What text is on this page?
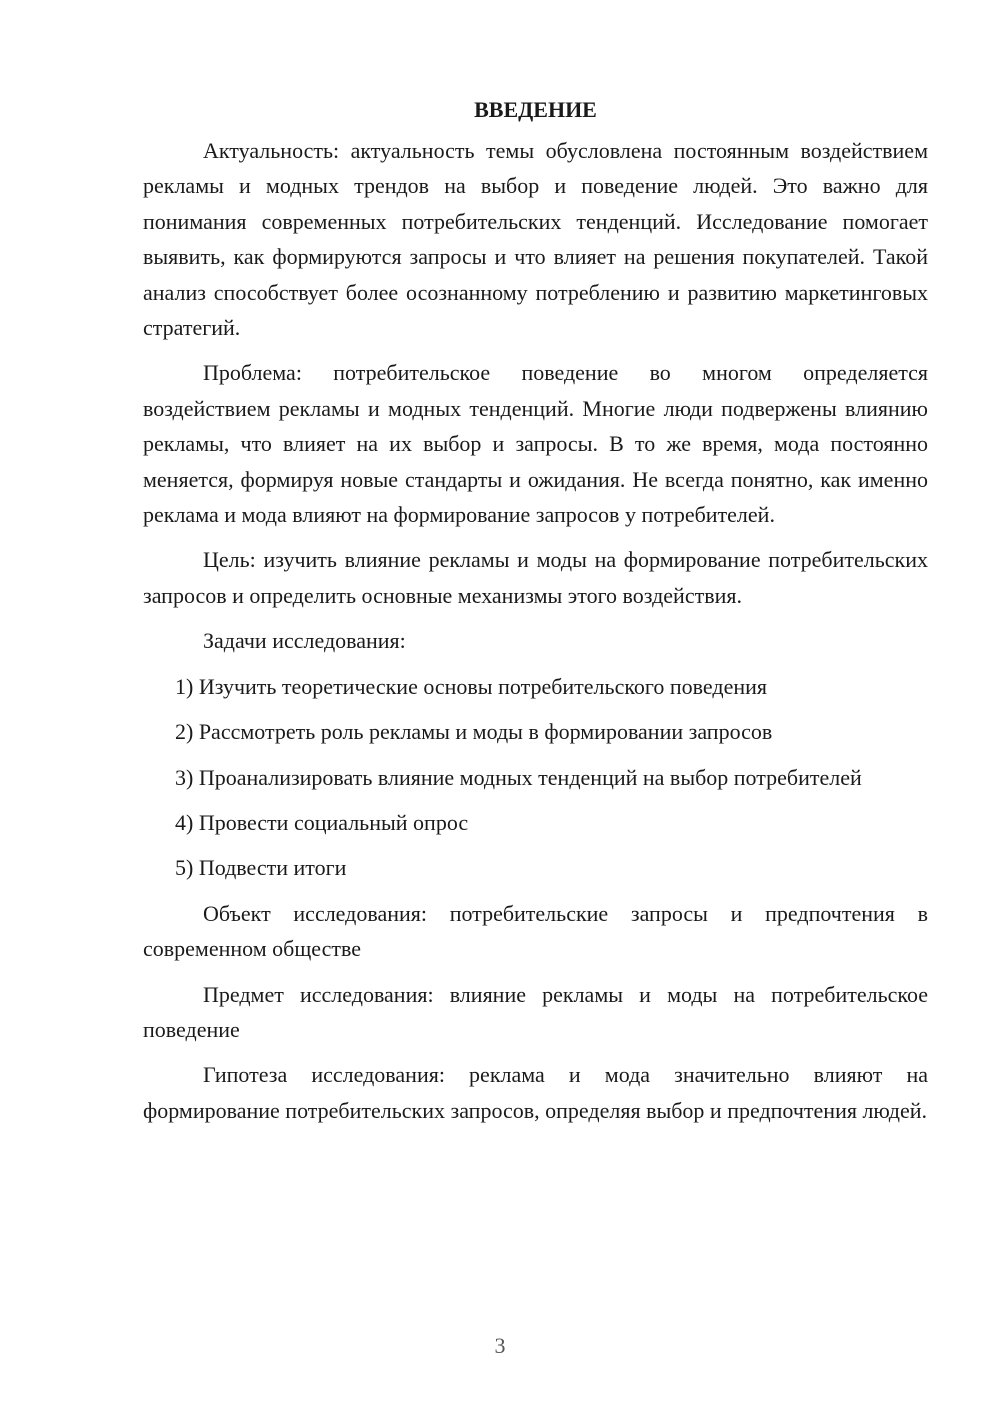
ВВЕДЕНИЕ

Актуальность: актуальность темы обусловлена постоянным воздействием рекламы и модных трендов на выбор и поведение людей. Это важно для понимания современных потребительских тенденций. Исследование помогает выявить, как формируются запросы и что влияет на решения покупателей. Такой анализ способствует более осознанному потреблению и развитию маркетинговых стратегий.

Проблема: потребительское поведение во многом определяется воздействием рекламы и модных тенденций. Многие люди подвержены влиянию рекламы, что влияет на их выбор и запросы. В то же время, мода постоянно меняется, формируя новые стандарты и ожидания. Не всегда понятно, как именно реклама и мода влияют на формирование запросов у потребителей.

Цель: изучить влияние рекламы и моды на формирование потребительских запросов и определить основные механизмы этого воздействия.

Задачи исследования:

1) Изучить теоретические основы потребительского поведения

2) Рассмотреть роль рекламы и моды в формировании запросов

3) Проанализировать влияние модных тенденций на выбор потребителей

4) Провести социальный опрос

5) Подвести итоги

Объект исследования: потребительские запросы и предпочтения в современном обществе

Предмет исследования: влияние рекламы и моды на потребительское поведение

Гипотеза исследования: реклама и мода значительно влияют на формирование потребительских запросов, определяя выбор и предпочтения людей.

3
